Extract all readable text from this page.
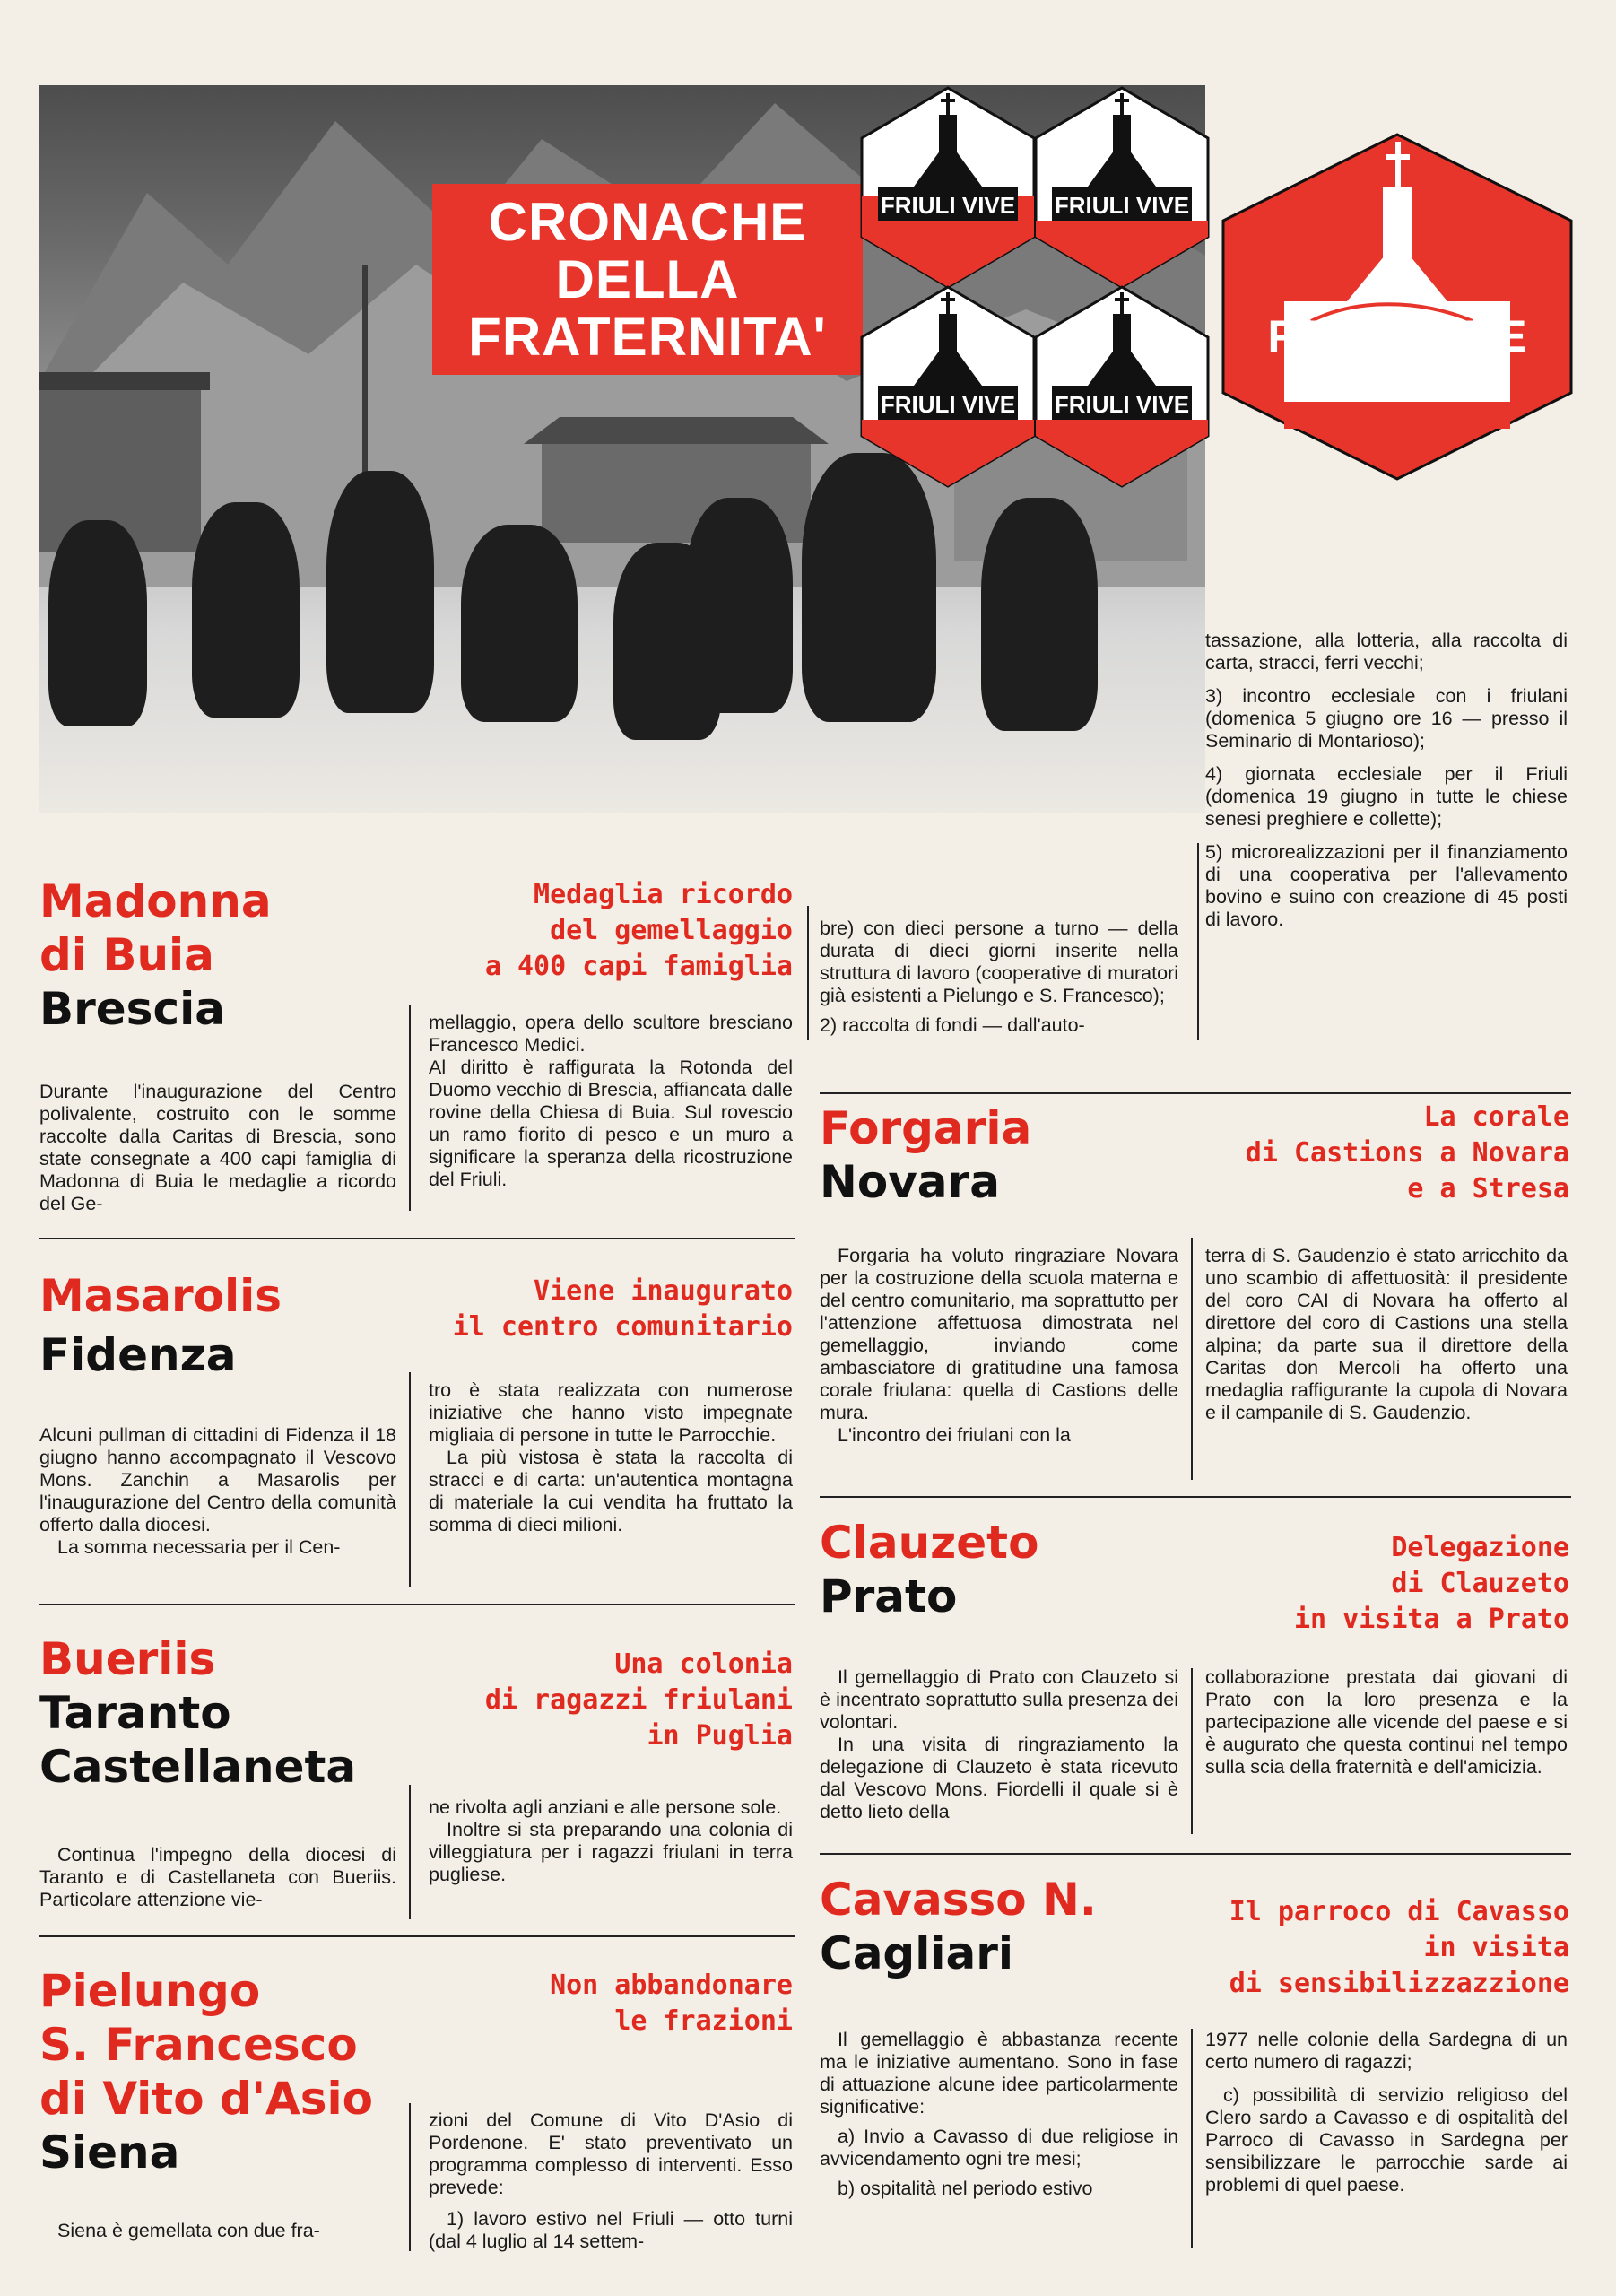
CRONACHE
DELLA
FRATERNITA'
FRIULI VIVE	FRIULI VIVE
FRIULI VIVE	FRIULI VIVE
FRIULI VIVE

tassazione, alla lotteria, alla raccolta di carta, stracci, ferri vecchi;

3) incontro ecclesiale con i friulani (domenica 5 giugno ore 16 — presso il Seminario di Montarioso);

4) giornata ecclesiale per il Friuli (domenica 19 giugno in tutte le chiese senesi preghiere e collette);

5) microrealizzazioni per il finanziamento di una cooperativa per l'allevamento bovino e suino con creazione di 45 posti di lavoro.

Madonna
di Buia
Brescia
Medaglia ricordo
del gemellaggio
a 400 capi famiglia

Durante l'inaugurazione del Centro polivalente, costruito con le somme raccolte dalla Caritas di Brescia, sono state consegnate a 400 capi famiglia di Madonna di Buia le medaglie a ricordo del Ge-

mellaggio, opera dello scultore bresciano Francesco Medici.

Al diritto è raffigurata la Rotonda del Duomo vecchio di Brescia, affiancata dalle rovine della Chiesa di Buia. Sul rovescio un ramo fiorito di pesco e un muro a significare la speranza della ricostruzione del Friuli.

bre) con dieci persone a turno — della durata di dieci giorni inserite nella struttura di lavoro (cooperative di muratori già esistenti a Pielungo e S. Francesco);

2) raccolta di fondi — dall'auto-

Masarolis
Fidenza
Viene inaugurato
il centro comunitario

Alcuni pullman di cittadini di Fidenza il 18 giugno hanno accompagnato il Vescovo Mons. Zanchin a Masarolis per l'inaugurazione del Centro della comunità offerto dalla diocesi.

La somma necessaria per il Cen-

tro è stata realizzata con numerose iniziative che hanno visto impegnate migliaia di persone in tutte le Parrocchie.

La più vistosa è stata la raccolta di stracci e di carta: un'autentica montagna di materiale la cui vendita ha fruttato la somma di dieci milioni.

Forgaria
Novara
La corale
di Castions a Novara
e a Stresa

Forgaria ha voluto ringraziare Novara per la costruzione della scuola materna e del centro comunitario, ma soprattutto per l'attenzione affettuosa dimostrata nel gemellaggio, inviando come ambasciatore di gratitudine una famosa corale friulana: quella di Castions delle mura.

L'incontro dei friulani con la

terra di S. Gaudenzio è stato arricchito da uno scambio di affettuosità: il presidente del coro CAI di Novara ha offerto al direttore del coro di Castions una stella alpina; da parte sua il direttore della Caritas don Mercoli ha offerto una medaglia raffigurante la cupola di Novara e il campanile di S. Gaudenzio.

Clauzeto
Prato
Delegazione
di Clauzeto
in visita a Prato

Il gemellaggio di Prato con Clauzeto si è incentrato soprattutto sulla presenza dei volontari.

In una visita di ringraziamento la delegazione di Clauzeto è stata ricevuto dal Vescovo Mons. Fiordelli il quale si è detto lieto della

collaborazione prestata dai giovani di Prato con la loro presenza e la partecipazione alle vicende del paese e si è augurato che questa continui nel tempo sulla scia della fraternità e dell'amicizia.

Bueriis
Taranto
Castellaneta
Una colonia
di ragazzi friulani
in Puglia

Continua l'impegno della diocesi di Taranto e di Castellaneta con Bueriis. Particolare attenzione vie-

ne rivolta agli anziani e alle persone sole.

Inoltre si sta preparando una colonia di villeggiatura per i ragazzi friulani in terra pugliese.	Cavasso N.
Cagliari
Il parroco di Cavasso
in visita
di sensibilizzazzione

Il gemellaggio è abbastanza recente ma le iniziative aumentano. Sono in fase di attuazione alcune idee particolarmente significative:

a) Invio a Cavasso di due religiose in avvicendamento ogni tre mesi;

b) ospitalità nel periodo estivo

1977 nelle colonie della Sardegna di un certo numero di ragazzi;

c) possibilità di servizio religioso del Clero sardo a Cavasso e di ospitalità del Parroco di Cavasso in Sardegna per sensibilizzare le parrocchie sarde ai problemi di quel paese.

Pielungo
S. Francesco
di Vito d'Asio
Siena
Non abbandonare
le frazioni

Siena è gemellata con due fra-

zioni del Comune di Vito D'Asio di Pordenone. E' stato preventivato un programma complesso di interventi. Esso prevede:

1) lavoro estivo nel Friuli — otto turni (dal 4 luglio al 14 settem-
